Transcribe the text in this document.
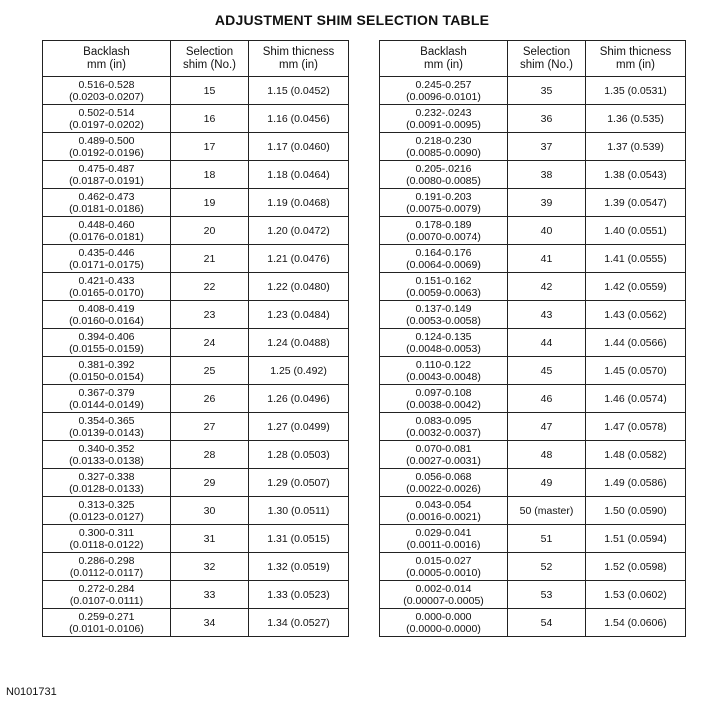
ADJUSTMENT SHIM SELECTION TABLE
Backlash
mm (in)	Selection
shim (No.)	Shim thicness
mm (in)

0.516-0.528
(0.0203-0.0207)	15	1.15 (0.0452)

0.502-0.514
(0.0197-0.0202)	16	1.16 (0.0456)

0.489-0.500
(0.0192-0.0196)	17	1.17 (0.0460)

0.475-0.487
(0.0187-0.0191)	18	1.18 (0.0464)

0.462-0.473
(0.0181-0.0186)	19	1.19 (0.0468)

0.448-0.460
(0.0176-0.0181)	20	1.20 (0.0472)

0.435-0.446
(0.0171-0.0175)	21	1.21 (0.0476)

0.421-0.433
(0.0165-0.0170)	22	1.22 (0.0480)

0.408-0.419
(0.0160-0.0164)	23	1.23 (0.0484)

0.394-0.406
(0.0155-0.0159)	24	1.24 (0.0488)

0.381-0.392
(0.0150-0.0154)	25	1.25 (0.492)

0.367-0.379
(0.0144-0.0149)	26	1.26 (0.0496)

0.354-0.365
(0.0139-0.0143)	27	1.27 (0.0499)

0.340-0.352
(0.0133-0.0138)	28	1.28 (0.0503)

0.327-0.338
(0.0128-0.0133)	29	1.29 (0.0507)

0.313-0.325
(0.0123-0.0127)	30	1.30 (0.0511)

0.300-0.311
(0.0118-0.0122)	31	1.31 (0.0515)

0.286-0.298
(0.0112-0.0117)	32	1.32 (0.0519)

0.272-0.284
(0.0107-0.0111)	33	1.33 (0.0523)

0.259-0.271
(0.0101-0.0106)	34	1.34 (0.0527)
Backlash
mm (in)	Selection
shim (No.)	Shim thicness
mm (in)

0.245-0.257
(0.0096-0.0101)	35	1.35 (0.0531)

0.232-.0243
(0.0091-0.0095)	36	1.36 (0.535)

0.218-0.230
(0.0085-0.0090)	37	1.37 (0.539)

0.205-.0216
(0.0080-0.0085)	38	1.38 (0.0543)

0.191-0.203
(0.0075-0.0079)	39	1.39 (0.0547)

0.178-0.189
(0.0070-0.0074)	40	1.40 (0.0551)

0.164-0.176
(0.0064-0.0069)	41	1.41 (0.0555)

0.151-0.162
(0.0059-0.0063)	42	1.42 (0.0559)

0.137-0.149
(0.0053-0.0058)	43	1.43 (0.0562)

0.124-0.135
(0.0048-0.0053)	44	1.44 (0.0566)

0.110-0.122
(0.0043-0.0048)	45	1.45 (0.0570)

0.097-0.108
(0.0038-0.0042)	46	1.46 (0.0574)

0.083-0.095
(0.0032-0.0037)	47	1.47 (0.0578)

0.070-0.081
(0.0027-0.0031)	48	1.48 (0.0582)

0.056-0.068
(0.0022-0.0026)	49	1.49 (0.0586)

0.043-0.054
(0.0016-0.0021)	50 (master)	1.50 (0.0590)

0.029-0.041
(0.0011-0.0016)	51	1.51 (0.0594)

0.015-0.027
(0.0005-0.0010)	52	1.52 (0.0598)

0.002-0.014
(0.00007-0.0005)	53	1.53 (0.0602)

0.000-0.000
(0.0000-0.0000)	54	1.54 (0.0606)
N0101731
